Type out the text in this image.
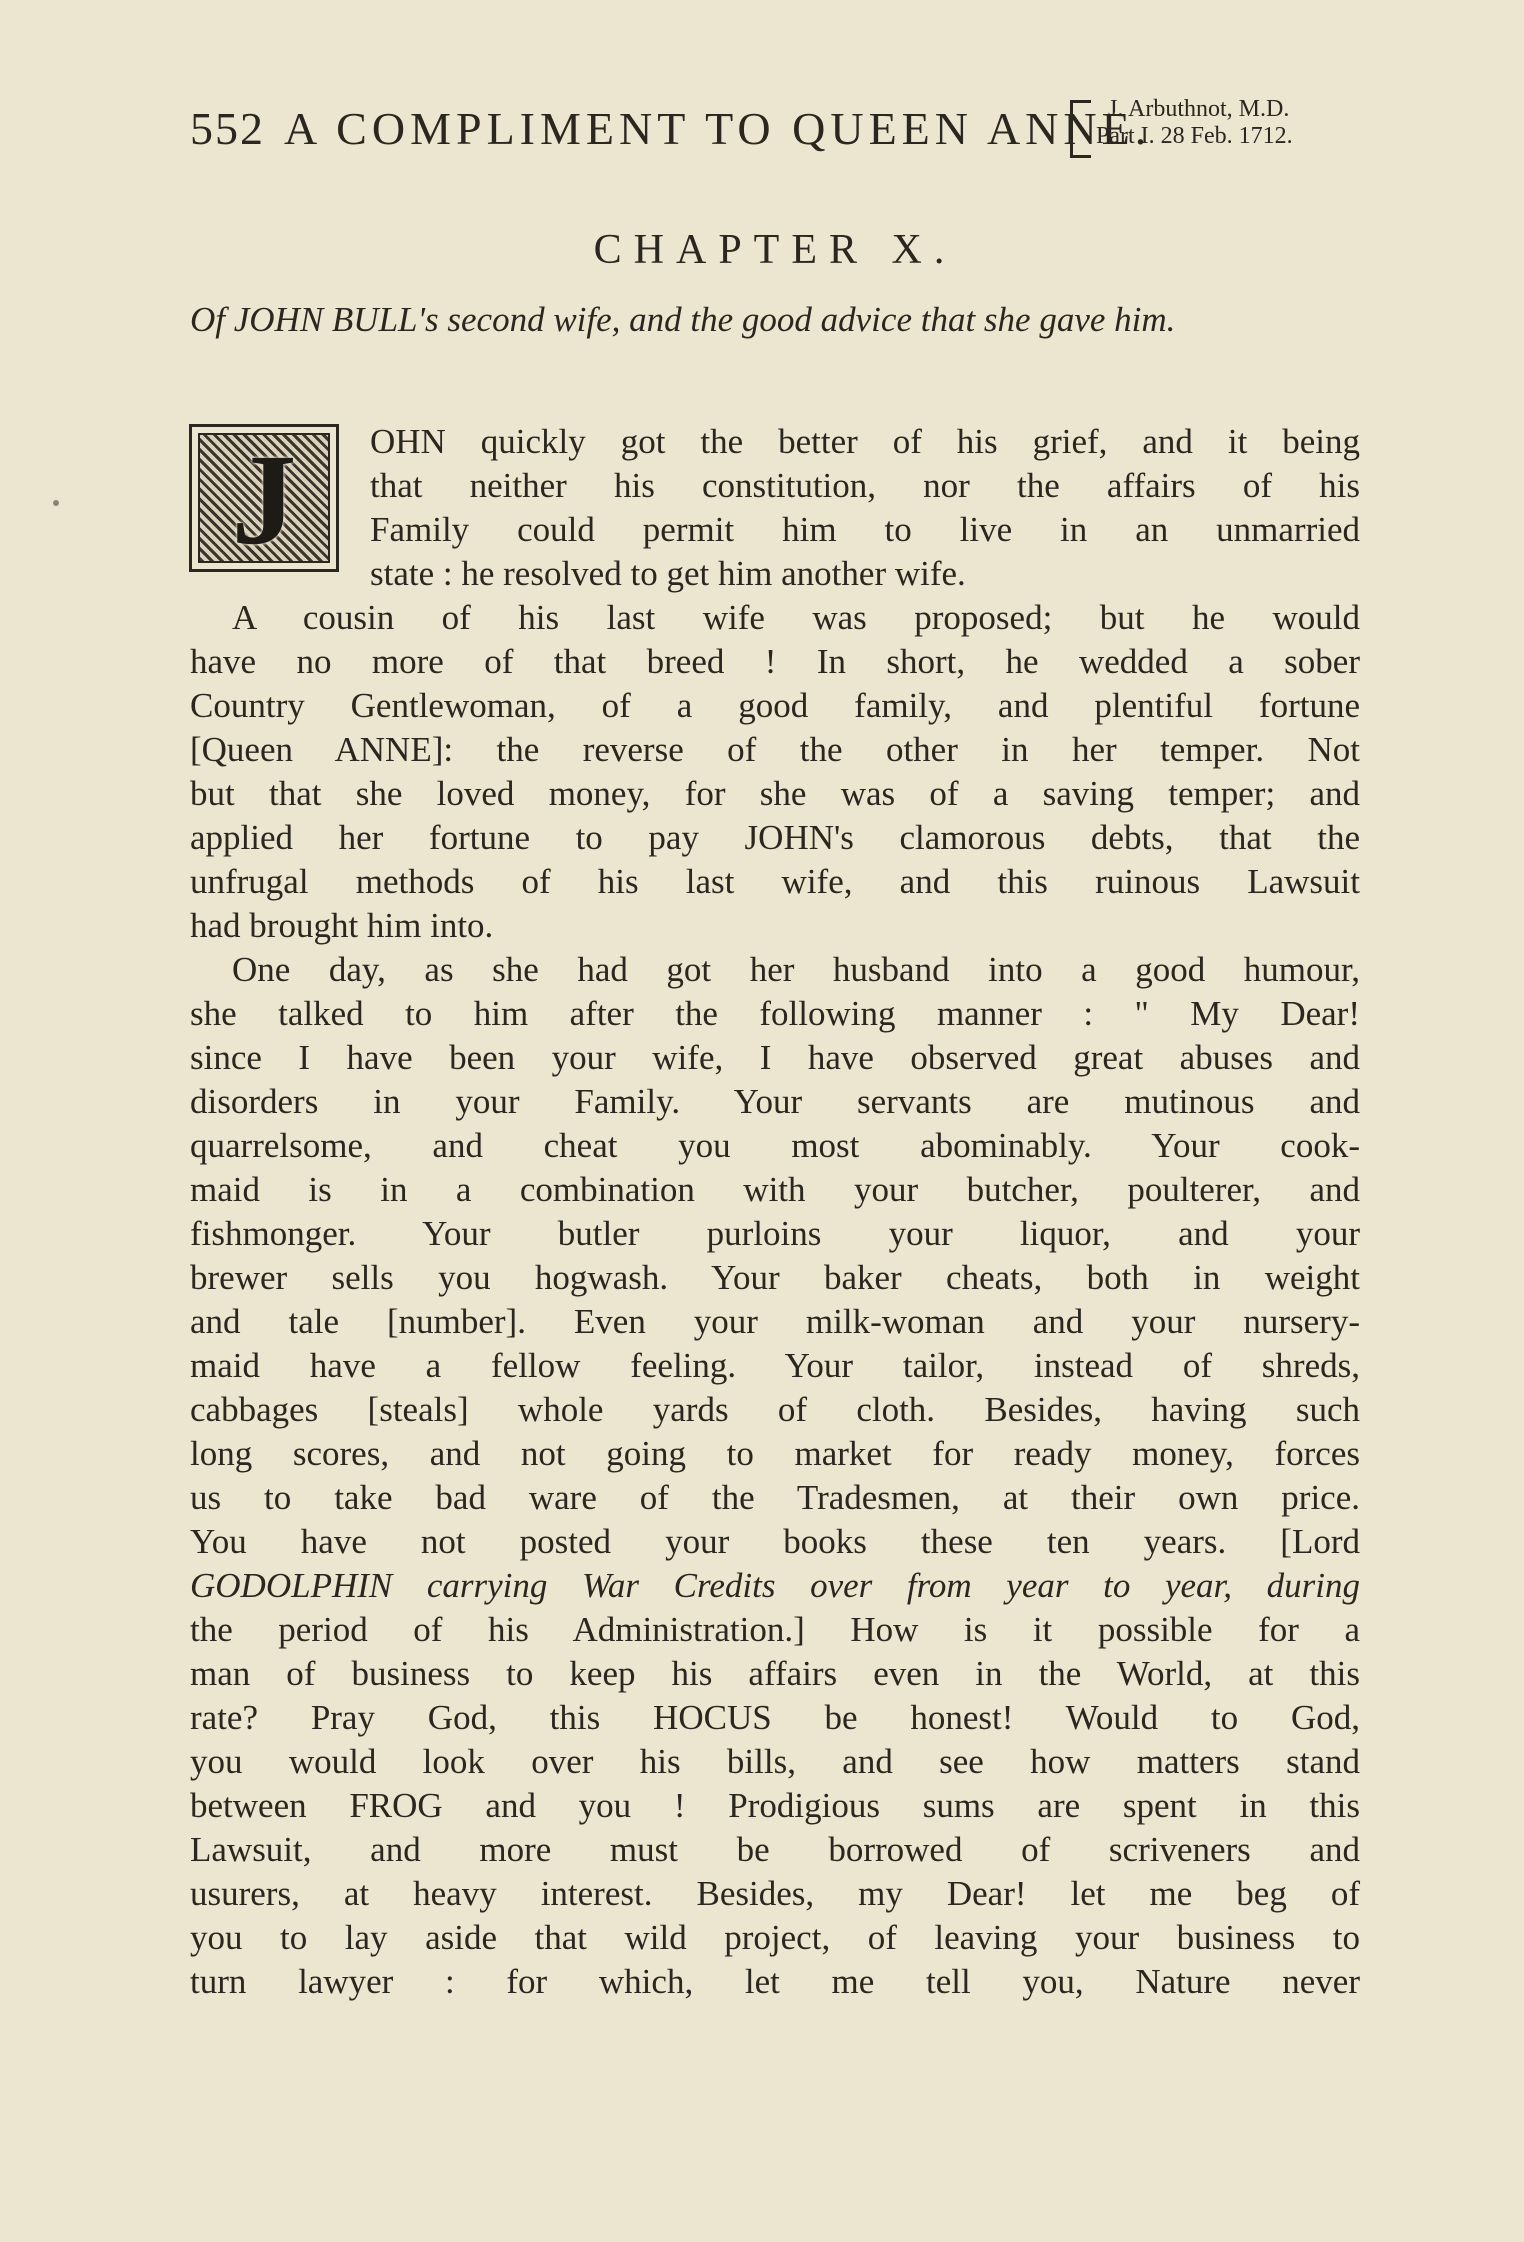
552 A COMPLIMENT TO QUEEN ANNE.
J. Arbuthnot, M.D.
Part I. 28 Feb. 1712.
CHAPTER X.
Of JOHN BULL's second wife, and the good advice that she gave him.
J	OHN quickly got the better of his grief, and it being
that neither his constitution, nor the affairs of his
Family could permit him to live in an unmarried
state : he resolved to get him another wife.
A cousin of his last wife was proposed; but he would
have no more of that breed ! In short, he wedded a sober
Country Gentlewoman, of a good family, and plentiful fortune
[Queen ANNE]: the reverse of the other in her temper. Not
but that she loved money, for she was of a saving temper; and
applied her fortune to pay JOHN's clamorous debts, that the
unfrugal methods of his last wife, and this ruinous Lawsuit
had brought him into.
One day, as she had got her husband into a good humour,
she talked to him after the following manner : " My Dear!
since I have been your wife, I have observed great abuses and
disorders in your Family. Your servants are mutinous and
quarrelsome, and cheat you most abominably. Your cook-
maid is in a combination with your butcher, poulterer, and
fishmonger. Your butler purloins your liquor, and your
brewer sells you hogwash. Your baker cheats, both in weight
and tale [number]. Even your milk-woman and your nursery-
maid have a fellow feeling. Your tailor, instead of shreds,
cabbages [steals] whole yards of cloth. Besides, having such
long scores, and not going to market for ready money, forces
us to take bad ware of the Tradesmen, at their own price.
You have not posted your books these ten years. [Lord
GODOLPHIN carrying War Credits over from year to year, during
the period of his Administration.] How is it possible for a
man of business to keep his affairs even in the World, at this
rate? Pray God, this HOCUS be honest! Would to God,
you would look over his bills, and see how matters stand
between FROG and you ! Prodigious sums are spent in this
Lawsuit, and more must be borrowed of scriveners and
usurers, at heavy interest. Besides, my Dear! let me beg of
you to lay aside that wild project, of leaving your business to
turn lawyer : for which, let me tell you, Nature never
